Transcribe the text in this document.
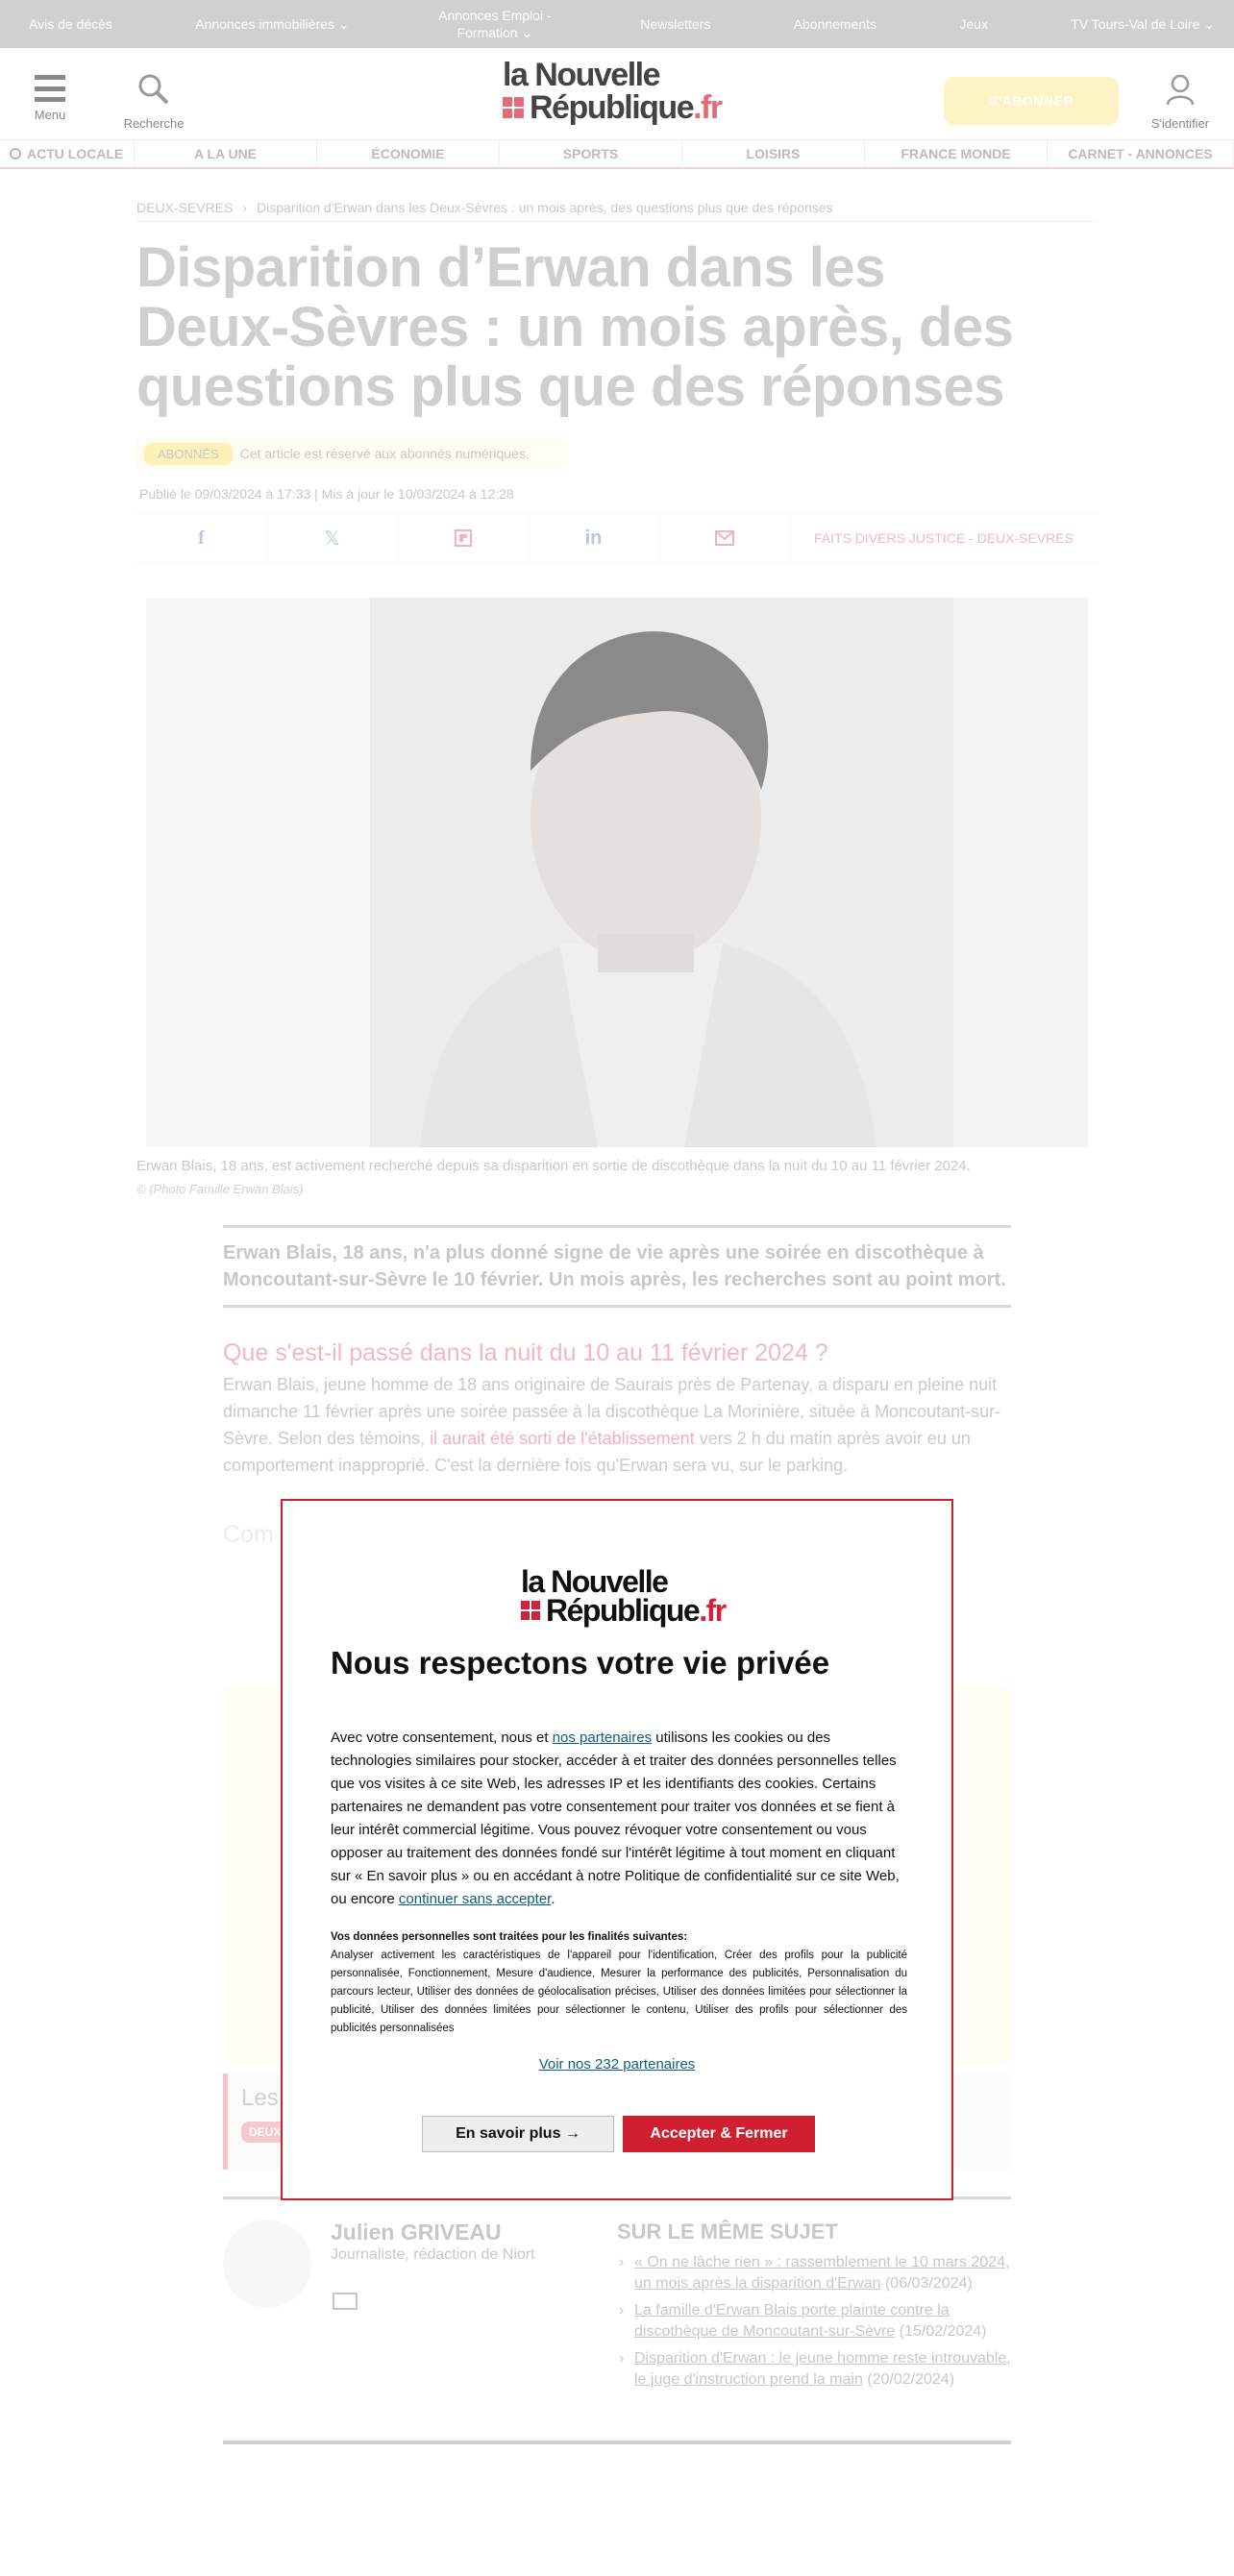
Avis de décès	Annonces immobilières ⌄
Annonces Emploi - Formation ⌄
Newsletters	Abonnements	Jeux	TV Tours-Val de Loire ⌄
Menu
Recherche
la Nouvelle
République .fr	S'ABONNER
S'identifier
ACTU LOCALE	A LA UNE	ÉCONOMIE	SPORTS	LOISIRS	FRANCE MONDE	CARNET - ANNONCES
DEUX-SEVRES › Disparition d'Erwan dans les Deux-Sèvres : un mois après, des questions plus que des réponses
Disparition d’Erwan dans les Deux-Sèvres : un mois après, des questions plus que des réponses
ABONNÉS	Cet article est réservé aux abonnés numériques.
Publié le 09/03/2024 à 17:33 | Mis à jour le 10/03/2024 à 12:28
f	𝕏	in	FAITS DIVERS JUSTICE - DEUX-SEVRES
Erwan Blais, 18 ans, est activement recherché depuis sa disparition en sortie de discothèque dans la nuit du 10 au 11 février 2024.
© (Photo Famille Erwan Blais)
Erwan Blais, 18 ans, n'a plus donné signe de vie après une soirée en discothèque à Moncoutant-sur-Sèvre le 10 février. Un mois après, les recherches sont au point mort.
Que s'est-il passé dans la nuit du 10 au 11 février 2024 ?
Erwan Blais, jeune homme de 18 ans originaire de Saurais près de Partenay, a disparu en pleine nuit dimanche 11 février après une soirée passée à la discothèque La Morinière, située à Moncoutant-sur-Sèvre. Selon des témoins, il aurait été sorti de l'établissement vers 2 h du matin après avoir eu un comportement inapproprié. C'est la dernière fois qu'Erwan sera vu, sur le parking.
Com
Les
DEUX
Julien GRIVEAU
Journaliste, rédaction de Niort
SUR LE MÊME SUJET
› « On ne lâche rien » : rassemblement le 10 mars 2024, un mois après la disparition d'Erwan (06/03/2024)
› La famille d'Erwan Blais porte plainte contre la discothèque de Moncoutant-sur-Sèvre (15/02/2024)
› Disparition d'Erwan : le jeune homme reste introuvable, le juge d'instruction prend la main (20/02/2024)
la Nouvelle
République .fr
Nous respectons votre vie privée
Avec votre consentement, nous et nos partenaires utilisons les cookies ou des technologies similaires pour stocker, accéder à et traiter des données personnelles telles que vos visites à ce site Web, les adresses IP et les identifiants des cookies. Certains partenaires ne demandent pas votre consentement pour traiter vos données et se fient à leur intérêt commercial légitime. Vous pouvez révoquer votre consentement ou vous opposer au traitement des données fondé sur l'intérêt légitime à tout moment en cliquant sur « En savoir plus » ou en accédant à notre Politique de confidentialité sur ce site Web, ou encore continuer sans accepter.
Vos données personnelles sont traitées pour les finalités suivantes:
Analyser activement les caractéristiques de l'appareil pour l'identification, Créer des profils pour la publicité personnalisée, Fonctionnement, Mesure d'audience, Mesurer la performance des publicités, Personnalisation du parcours lecteur, Utiliser des données de géolocalisation précises, Utiliser des données limitées pour sélectionner la publicité, Utiliser des données limitées pour sélectionner le contenu, Utiliser des profils pour sélectionner des publicités personnalisées
Voir nos 232 partenaires
En savoir plus →	Accepter & Fermer
